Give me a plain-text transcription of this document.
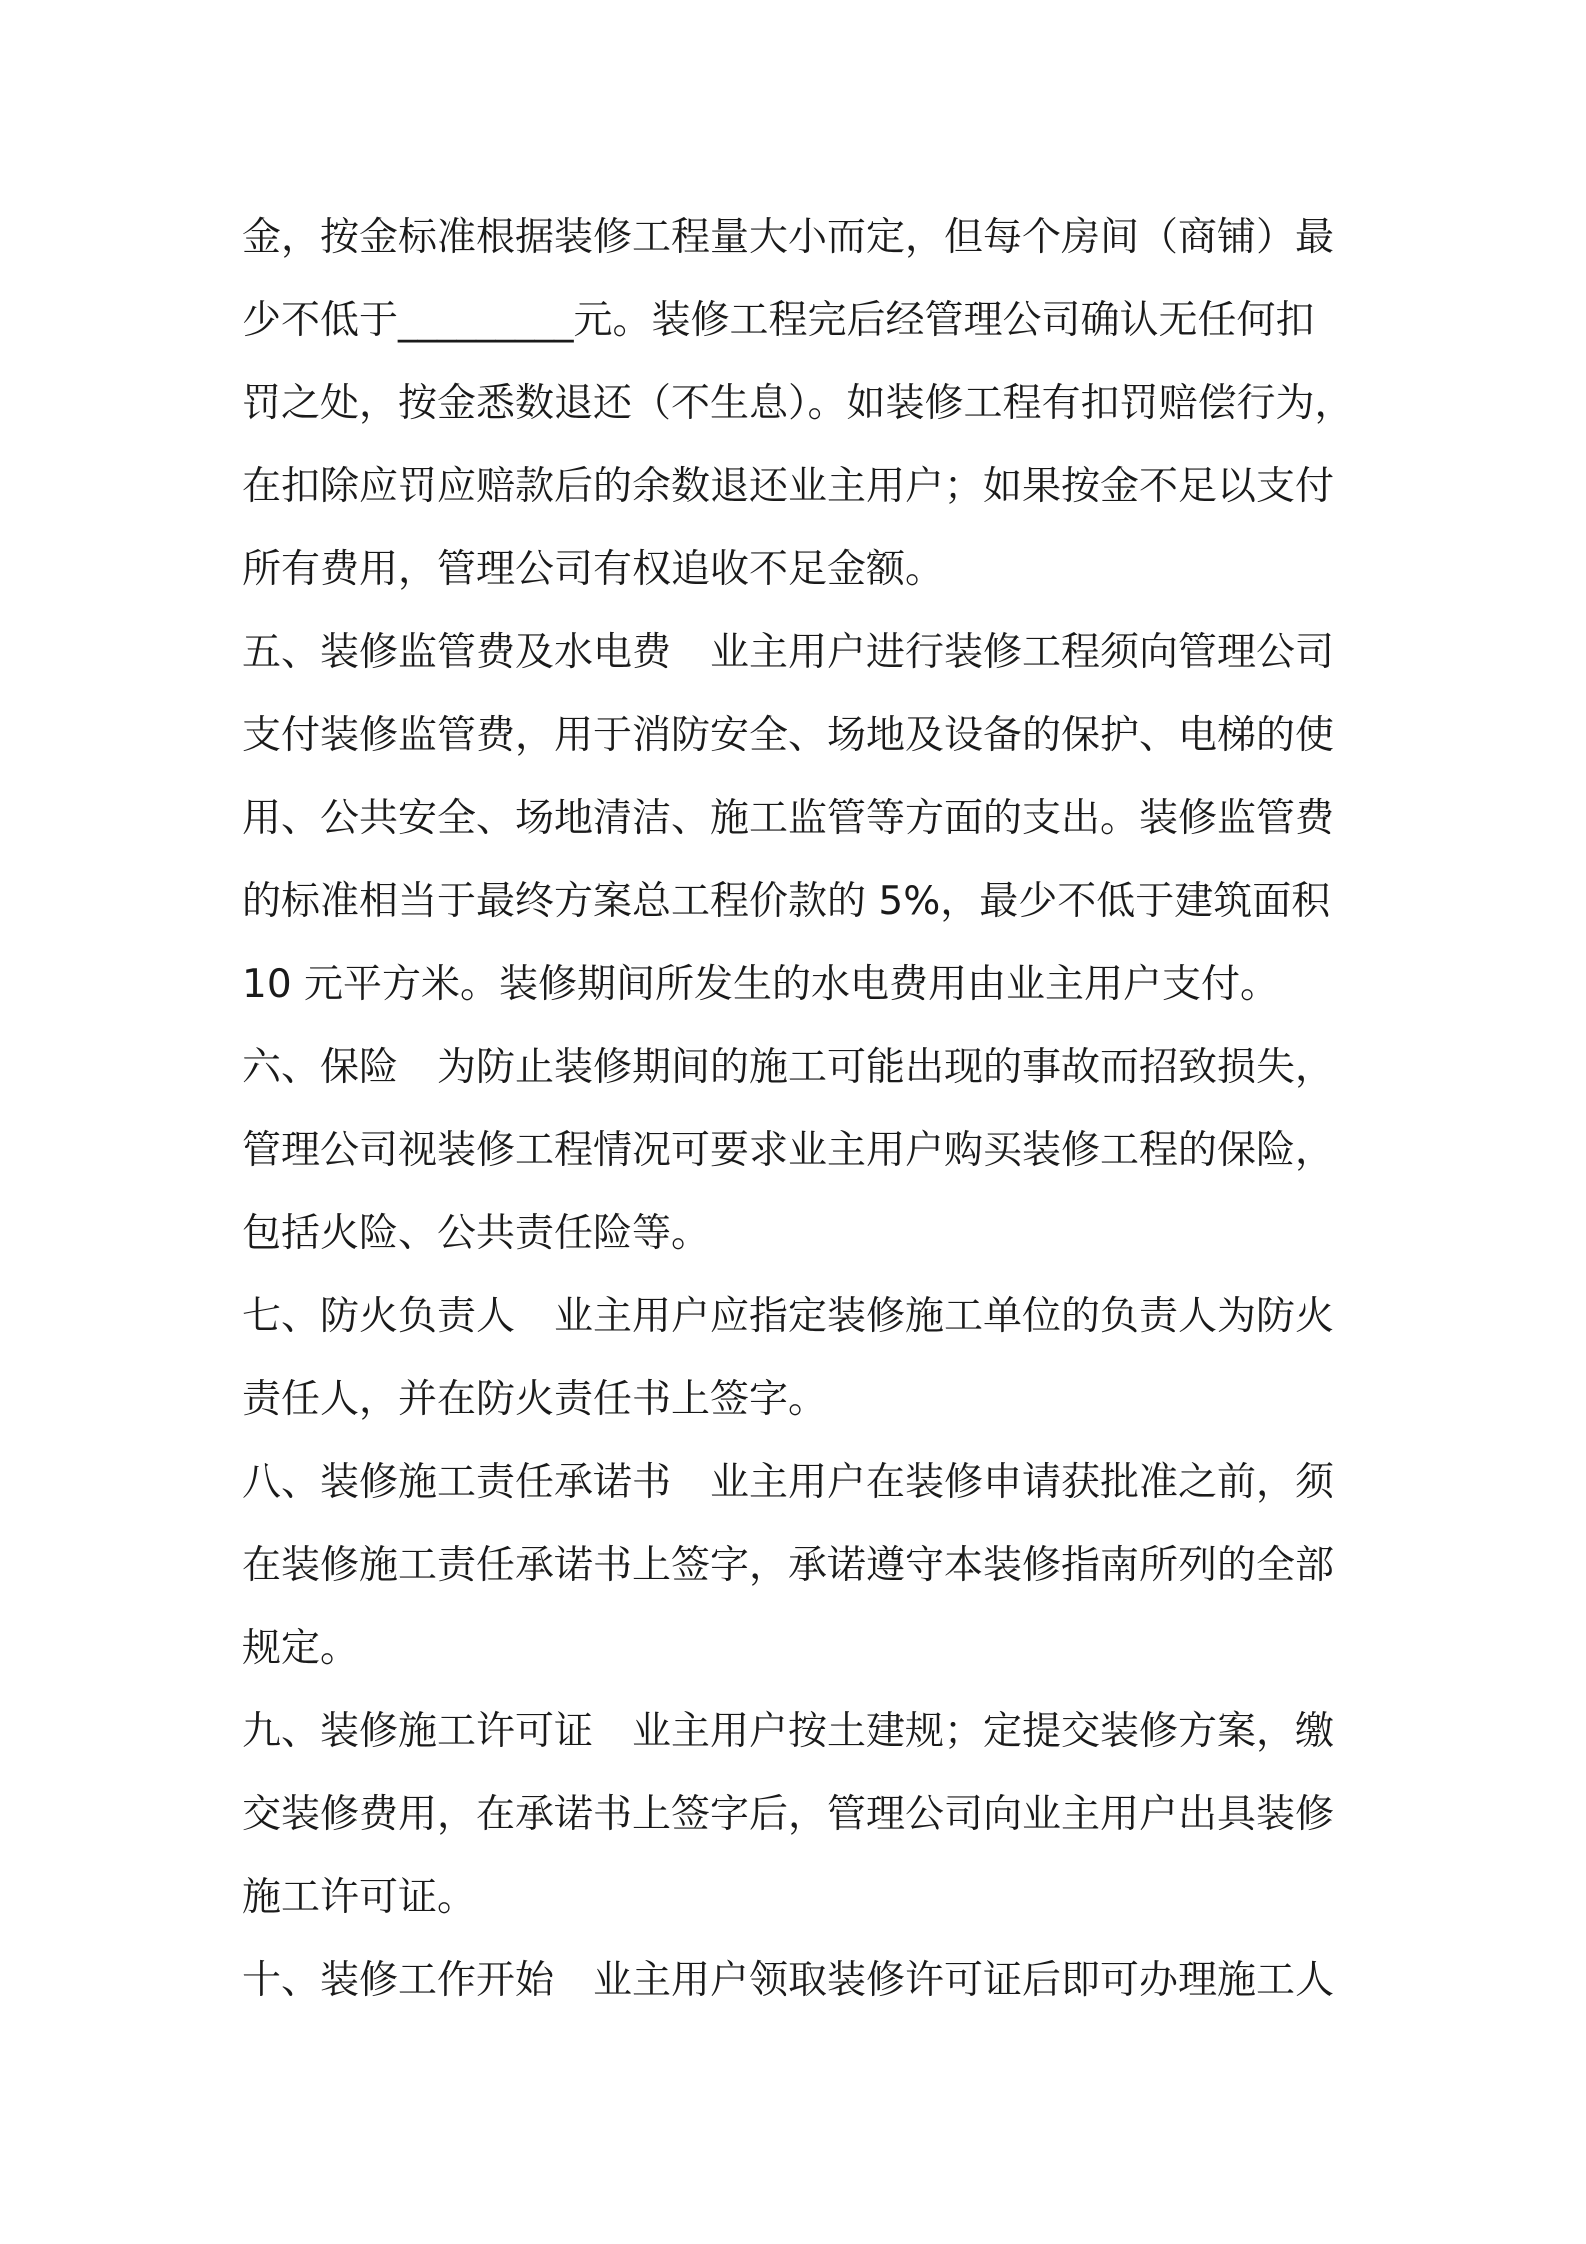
金，按金标准根据装修工程量大小而定，但每个房间（商铺）最
少不低于_________元。装修工程完后经管理公司确认无任何扣
罚之处，按金悉数退还（不生息）。如装修工程有扣罚赔偿行为，
在扣除应罚应赔款后的余数退还业主用户；如果按金不足以支付
所有费用，管理公司有权追收不足金额。
五、装修监管费及水电费　业主用户进行装修工程须向管理公司
支付装修监管费，用于消防安全、场地及设备的保护、电梯的使
用、公共安全、场地清洁、施工监管等方面的支出。装修监管费
的标准相当于最终方案总工程价款的 5%，最少不低于建筑面积
10 元平方米。装修期间所发生的水电费用由业主用户支付。
六、保险　为防止装修期间的施工可能出现的事故而招致损失，
管理公司视装修工程情况可要求业主用户购买装修工程的保险，
包括火险、公共责任险等。
七、防火负责人　业主用户应指定装修施工单位的负责人为防火
责任人，并在防火责任书上签字。
八、装修施工责任承诺书　业主用户在装修申请获批准之前，须
在装修施工责任承诺书上签字，承诺遵守本装修指南所列的全部
规定。
九、装修施工许可证　业主用户按土建规；定提交装修方案，缴
交装修费用，在承诺书上签字后，管理公司向业主用户出具装修
施工许可证。
十、装修工作开始　业主用户领取装修许可证后即可办理施工人
